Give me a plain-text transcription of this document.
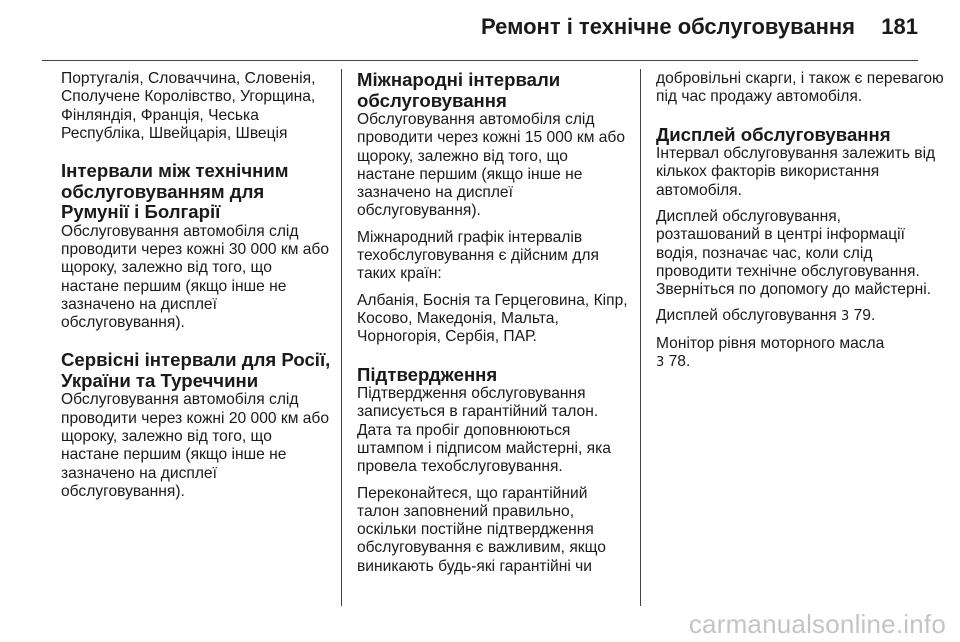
Ремонт і технічне обслуговування 181

Португалія, Словаччина, Словенія, Сполучене Королівство, Угорщина, Фінляндія, Франція, Чеська Республіка, Швейцарія, Швеція

Інтервали між технічним обслуговуванням для Румунії і Болгарії

Обслуговування автомобіля слід проводити через кожні 30 000 км або щороку, залежно від того, що настане першим (якщо інше не зазначено на дисплеї обслуговування).

Сервісні інтервали для Росії, України та Туреччини

Обслуговування автомобіля слід проводити через кожні 20 000 км або щороку, залежно від того, що настане першим (якщо інше не зазначено на дисплеї обслуговування).

Міжнародні інтервали обслуговування

Обслуговування автомобіля слід проводити через кожні 15 000 км або щороку, залежно від того, що настане першим (якщо інше не зазначено на дисплеї обслуговування).

Міжнародний графік інтервалів техобслуговування є дійсним для таких країн:

Албанія, Боснія та Герцеговина, Кіпр, Косово, Македонія, Мальта, Чорногорія, Сербія, ПАР.

Підтвердження

Підтвердження обслуговування записується в гарантійний талон. Дата та пробіг доповнюються штампом і підписом майстерні, яка провела техобслуговування.

Переконайтеся, що гарантійний талон заповнений правильно, оскільки постійне підтвердження обслуговування є важливим, якщо виникають будь-які гарантійні чи

добровільні скарги, і також є перевагою під час продажу автомобіля.

Дисплей обслуговування

Інтервал обслуговування залежить від кількох факторів використання автомобіля.

Дисплей обслуговування, розташований в центрі інформації водія, позначає час, коли слід проводити технічне обслуговування. Зверніться по допомогу до майстерні.

Дисплей обслуговування 3 79.

Монітор рівня моторного масла
3 78.

carmanualsonline.info
